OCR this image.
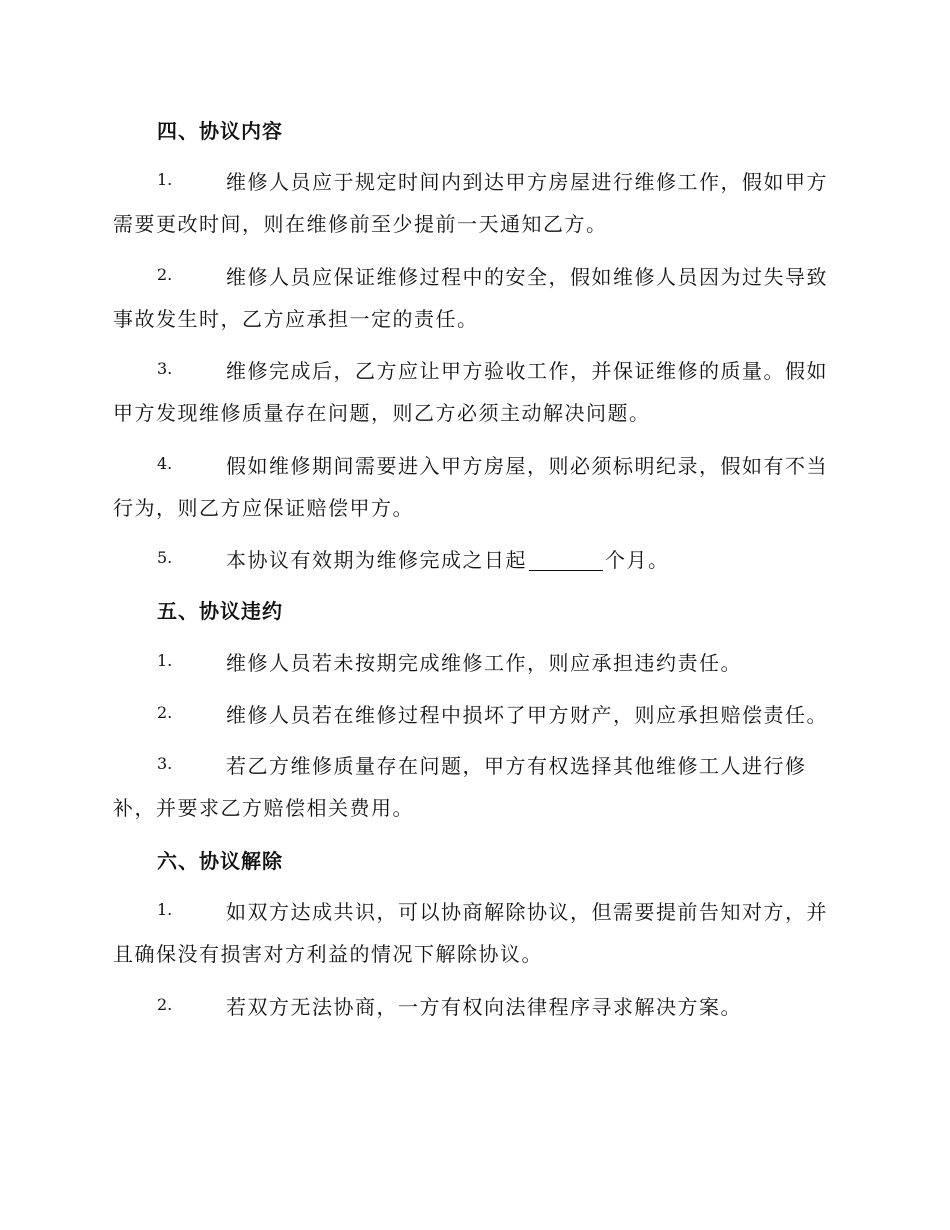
四、协议内容
1.	维修人员应于规定时间内到达甲方房屋进行维修工作，假如甲方
需要更改时间，则在维修前至少提前一天通知乙方。
2.	维修人员应保证维修过程中的安全，假如维修人员因为过失导致
事故发生时，乙方应承担一定的责任。
3.	维修完成后，乙方应让甲方验收工作，并保证维修的质量。假如
甲方发现维修质量存在问题，则乙方必须主动解决问题。
4.	假如维修期间需要进入甲方房屋，则必须标明纪录，假如有不当
行为，则乙方应保证赔偿甲方。
5.	本协议有效期为维修完成之日起	个月。
五、协议违约
1.	维修人员若未按期完成维修工作，则应承担违约责任。
2.	维修人员若在维修过程中损坏了甲方财产，则应承担赔偿责任。
3.	若乙方维修质量存在问题，甲方有权选择其他维修工人进行修
补，并要求乙方赔偿相关费用。
六、协议解除
1.	如双方达成共识，可以协商解除协议，但需要提前告知对方，并
且确保没有损害对方利益的情况下解除协议。
2.	若双方无法协商，一方有权向法律程序寻求解决方案。
